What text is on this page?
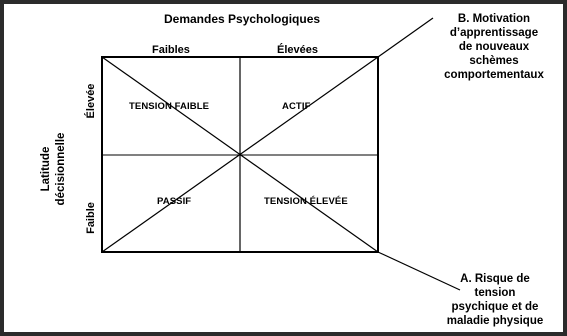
Demandes Psychologiques
Faibles	Élevées
Élevée
Faible
Latitude décisionnelle
TENSION FAIBLE	ACTIF
PASSIF	TENSION ÉLEVÉE
B. Motivation
d’apprentissage
de nouveaux
schèmes
comportementaux
A. Risque de
tension
psychique et de
maladie physique
